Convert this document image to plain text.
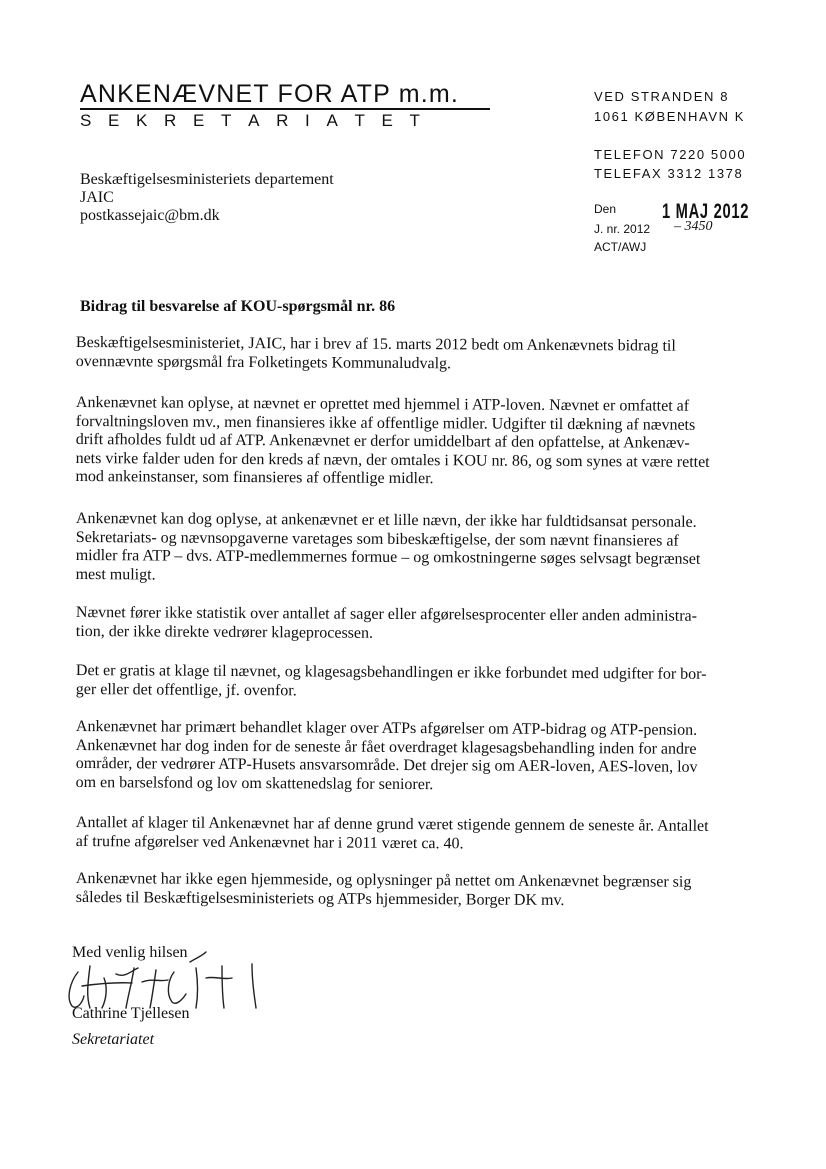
ANKENÆVNET FOR ATP m.m.
S E K R E T A R I A T E T
VED STRANDEN 8
1061 KØBENHAVN K
TELEFON 7220 5000
TELEFAX 3312 1378
Den 1 MAJ 2012
J. nr. 2012 – 3450
ACT/AWJ
Beskæftigelsesministeriets departement
JAIC
postkassejaic@bm.dk
Bidrag til besvarelse af KOU-spørgsmål nr. 86
Beskæftigelsesministeriet, JAIC, har i brev af 15. marts 2012 bedt om Ankenævnets bidrag til
ovennævnte spørgsmål fra Folketingets Kommunaludvalg.
Ankenævnet kan oplyse, at nævnet er oprettet med hjemmel i ATP-loven. Nævnet er omfattet af
forvaltningsloven mv., men finansieres ikke af offentlige midler. Udgifter til dækning af nævnets
drift afholdes fuldt ud af ATP. Ankenævnet er derfor umiddelbart af den opfattelse, at Ankenæv-
nets virke falder uden for den kreds af nævn, der omtales i KOU nr. 86, og som synes at være rettet
mod ankeinstanser, som finansieres af offentlige midler.
Ankenævnet kan dog oplyse, at ankenævnet er et lille nævn, der ikke har fuldtidsansat personale.
Sekretariats- og nævnsopgaverne varetages som bibeskæftigelse, der som nævnt finansieres af
midler fra ATP – dvs. ATP-medlemmernes formue – og omkostningerne søges selvsagt begrænset
mest muligt.
Nævnet fører ikke statistik over antallet af sager eller afgørelsesprocenter eller anden administra-
tion, der ikke direkte vedrører klageprocessen.
Det er gratis at klage til nævnet, og klagesagsbehandlingen er ikke forbundet med udgifter for bor-
ger eller det offentlige, jf. ovenfor.
Ankenævnet har primært behandlet klager over ATPs afgørelser om ATP-bidrag og ATP-pension.
Ankenævnet har dog inden for de seneste år fået overdraget klagesagsbehandling inden for andre
områder, der vedrører ATP-Husets ansvarsområde. Det drejer sig om AER-loven, AES-loven, lov
om en barselsfond og lov om skattenedslag for seniorer.
Antallet af klager til Ankenævnet har af denne grund været stigende gennem de seneste år. Antallet
af trufne afgørelser ved Ankenævnet har i 2011 været ca. 40.
Ankenævnet har ikke egen hjemmeside, og oplysninger på nettet om Ankenævnet begrænser sig
således til Beskæftigelsesministeriets og ATPs hjemmesider, Borger DK mv.
Med venlig hilsen
Cathrine Tjellesen
Sekretariatet
